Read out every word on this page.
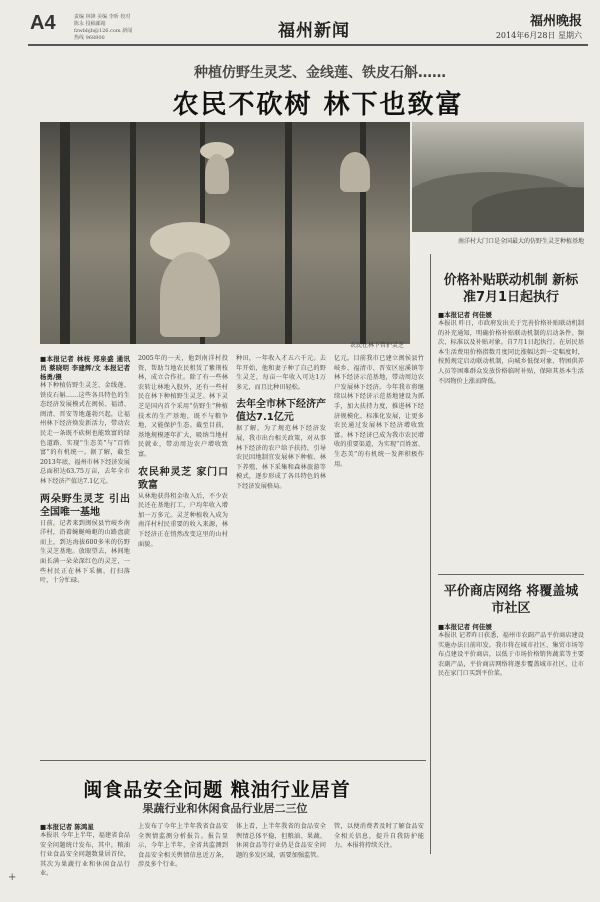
A4	责编 林锋 美编 李昕 校对 陈永 投稿邮箱 fzwbbjb@126.com 新闻热线 968800	福州新闻	福州晚报
2014年6月28日 星期六
种植仿野生灵芝、金线莲、铁皮石斛……
农民不砍树 林下也致富
农民在林下管护灵芝
南洋村大门口是全国最大的仿野生灵芝种植基地
■本报记者 林枝 郑泉盛 通讯员 蔡晓明 李建辉/文 本报记者 杨勇/摄
林下种植仿野生灵芝、金线莲、铁皮石斛……这些各具特色的生态经济发展模式在闽侯、福清、闽清、晋安等地蓬勃兴起，让福州林下经济焕发新活力，带动农民走一条既不砍树也能致富的绿色道路，实现“生态美”与“百姓富”的有机统一。据了解，截至2013年底，福州市林下经济发展总面积达63.75万亩，去年全市林下经济产值达7.1亿元。
两朵野生灵芝 引出全国唯一基地
日前，记者来到闽侯县竹岐乡南洋村，沿着蜿蜒崎岖的山路盘旋而上，到达海拔600多米的仿野生灵芝基地。放眼望去，林间地面长满一朵朵深红色的灵芝，一些村民正在林下采摘、打扫落叶，十分忙碌。
2005年的一天，他到南洋村投资，帮助当地农民租赁了紫荆枝林，成立合作社。除了有一些林农转让林地入股外，还有一些村民在林下种植野生灵芝。林下灵芝是国内首个采用“仿野生”种植技术的生产基地，既不与粮争地，又能保护生态。截至目前，基地规模逐年扩大，吸纳当地村民就业，带动周边农户增收致富。
农民种灵芝 家门口致富
从林地获得租金收入后，不少农民还在基地打工，户均年收入增加一万多元。灵芝种植收入成为南洋村村民重要的收入来源，林下经济正在悄然改变这里的山村面貌。
种田，一年收入才五六千元。去年开始，他和妻子种了自己的野生灵芝，每亩一年收入可达1万多元，而且比种田轻松。
去年全市林下经济产值达7.1亿元
据了解，为了规范林下经济发展，我市出台相关政策，对从事林下经济的农户给予扶持，引导农民因地制宜发展林下种植、林下养殖、林下采集和森林旅游等模式，逐步形成了各具特色的林下经济发展格局。
亿元。目前我市已建立闽侯县竹岐乡、福清市、晋安区宦溪镇等林下经济示范基地，带动周边农户发展林下经济。今年我市将继续以林下经济示范基地建设为抓手，加大扶持力度，推进林下经济规模化、标准化发展，让更多农民通过发展林下经济增收致富。林下经济已成为我市农民增收的重要渠道，为实现“百姓富、生态美”的有机统一发挥积极作用。
价格补贴联动机制 新标准7月1日起执行
■本报记者 何佳媛
本报讯 昨日，市政府发出关于完善价格补贴联动机制的补充通知，明确价格补贴联动机制的启动条件、频次、标准以及补贴对象。自7月1日起执行。在居民基本生活费用价格指数月度同比涨幅达到一定幅度时，按照规定启动联动机制，向城乡低保对象、特困供养人员等困难群众发放价格临时补贴，保障其基本生活不因物价上涨而降低。
平价商店网络 将覆盖城市社区
■本报记者 何佳媛
本报讯 记者昨日获悉，福州市农副产品平价商店建设实施办法日前印发。我市将在城市社区、集贸市场等布点建设平价商店，以低于市场价格销售蔬菜等主要农副产品，平价商店网络将逐步覆盖城市社区，让市民在家门口买到平价菜。
闽食品安全问题 粮油行业居首
果蔬行业和休闲食品行业居二三位
■本报记者 陈鸿星
本报讯 今年上半年，福建省食品安全问题统计发布，其中，粮油行业食品安全问题数量居首位，其次为果蔬行业和休闲食品行业。
上发布了今年上半年我省食品安全舆情监测分析报告。报告显示，今年上半年，全省共监测到食品安全相关舆情信息近万条，涉及多个行业。
体上看，上半年我省的食品安全舆情总体平稳，但粮油、果蔬、休闲食品等行业仍是食品安全问题的多发区域，需要加强监管。
管，以便消费者及时了解食品安全相关信息，提升自我防护能力。本报将持续关注。
+
